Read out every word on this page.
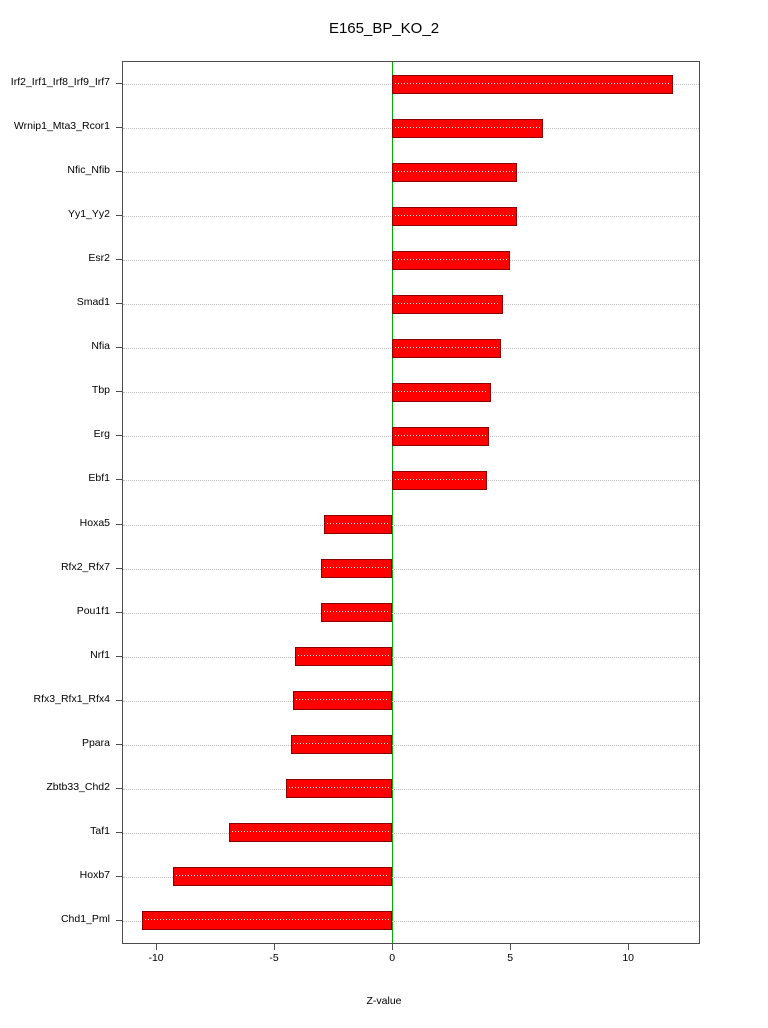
E165_BP_KO_2
Irf2_Irf1_Irf8_Irf9_Irf7
Wrnip1_Mta3_Rcor1
Nfic_Nfib
Yy1_Yy2
Esr2
Smad1
Nfia
Tbp
Erg
Ebf1
Hoxa5
Rfx2_Rfx7
Pou1f1
Nrf1
Rfx3_Rfx1_Rfx4
Ppara
Zbtb33_Chd2
Taf1
Hoxb7
Chd1_Pml
-10	-5	0	5	10
Z-value
